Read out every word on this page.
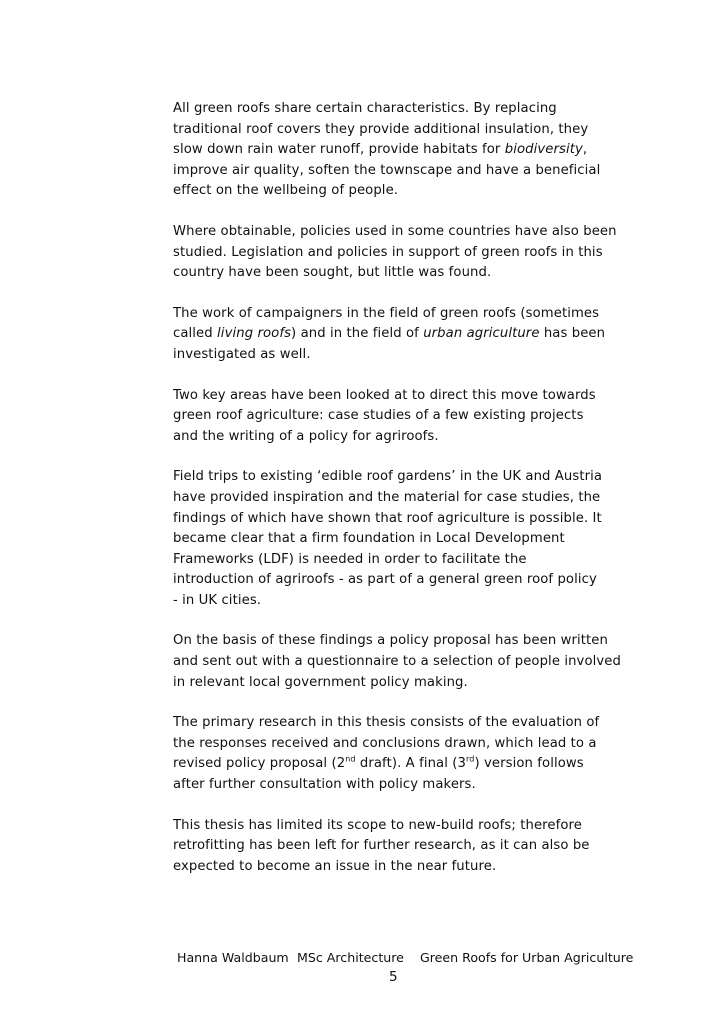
All green roofs share certain characteristics. By replacing
traditional roof covers they provide additional insulation, they
slow down rain water runoff, provide habitats for biodiversity,
improve air quality, soften the townscape and have a beneficial
effect on the wellbeing of people.

Where obtainable, policies used in some countries have also been
studied. Legislation and policies in support of green roofs in this
country have been sought, but little was found.

The work of campaigners in the field of green roofs (sometimes
called living roofs) and in the field of urban agriculture has been
investigated as well.

Two key areas have been looked at to direct this move towards
green roof agriculture: case studies of a few existing projects
and the writing of a policy for agriroofs.

Field trips to existing ‘edible roof gardens’ in the UK and Austria
have provided inspiration and the material for case studies, the
findings of which have shown that roof agriculture is possible. It
became clear that a firm foundation in Local Development
Frameworks (LDF) is needed in order to facilitate the
introduction of agriroofs - as part of a general green roof policy
- in UK cities.

On the basis of these findings a policy proposal has been written
and sent out with a questionnaire to a selection of people involved
in relevant local government policy making.

The primary research in this thesis consists of the evaluation of
the responses received and conclusions drawn, which lead to a
revised policy proposal (2nd draft). A final (3rd) version follows
after further consultation with policy makers.

This thesis has limited its scope to new-build roofs; therefore
retrofitting has been left for further research, as it can also be
expected to become an issue in the near future.

Hanna Waldbaum MSc Architecture Green Roofs for Urban Agriculture
5
